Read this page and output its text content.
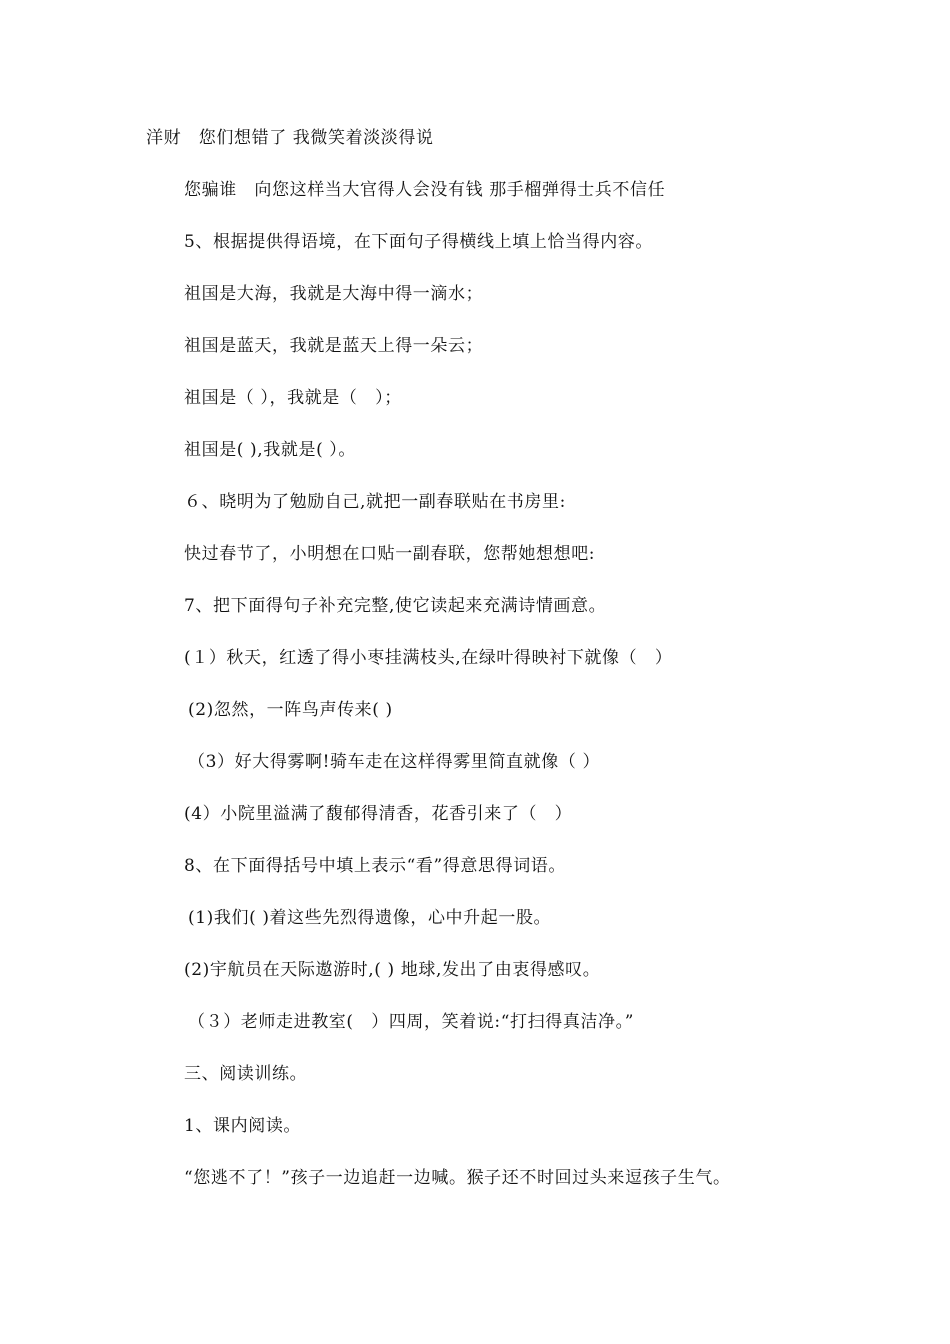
洋财　您们想错了 我微笑着淡淡得说
您骗谁　向您这样当大官得人会没有钱 那手榴弹得士兵不信任
5、根据提供得语境，在下面句子得横线上填上恰当得内容。
祖国是大海，我就是大海中得一滴水；
祖国是蓝天，我就是蓝天上得一朵云；
祖国是（ ），我就是（　）；
祖国是( ),我就是( ）。
６、晓明为了勉励自己,就把一副春联贴在书房里:
快过春节了，小明想在口贴一副春联，您帮她想想吧:
7、把下面得句子补充完整,使它读起来充满诗情画意。
(１）秋天，红透了得小枣挂满枝头,在绿叶得映衬下就像（　）
(2)忽然，一阵鸟声传来( )
（3）好大得雾啊!骑车走在这样得雾里简直就像（ ）
(4）小院里溢满了馥郁得清香，花香引来了（　）
8、在下面得括号中填上表示“看”得意思得词语。
(1)我们( )着这些先烈得遗像，心中升起一股。
(2)宇航员在天际遨游时,( ) 地球,发出了由衷得感叹。
（３）老师走进教室(　）四周，笑着说:“打扫得真洁净。”
三、阅读训练。
1、课内阅读。
“您逃不了！”孩子一边追赶一边喊。猴子还不时回过头来逗孩子生气。
